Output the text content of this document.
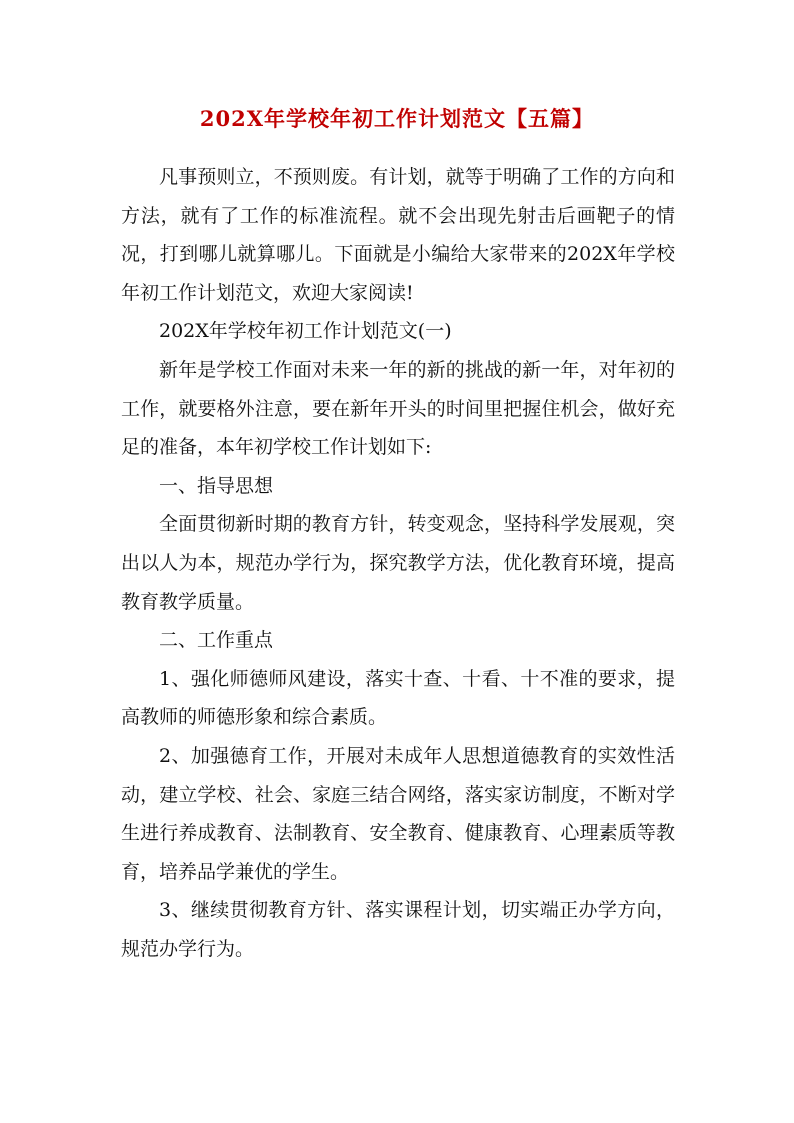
202X年学校年初工作计划范文【五篇】

凡事预则立，不预则废。有计划，就等于明确了工作的方向和方法，就有了工作的标准流程。就不会出现先射击后画靶子的情况，打到哪儿就算哪儿。下面就是小编给大家带来的202X年学校年初工作计划范文，欢迎大家阅读!

202X年学校年初工作计划范文(一)

新年是学校工作面对未来一年的新的挑战的新一年，对年初的工作，就要格外注意，要在新年开头的时间里把握住机会，做好充足的准备，本年初学校工作计划如下:

一、指导思想

全面贯彻新时期的教育方针，转变观念，坚持科学发展观，突出以人为本，规范办学行为，探究教学方法，优化教育环境，提高教育教学质量。

二、工作重点

1、强化师德师风建设，落实十查、十看、十不准的要求，提高教师的师德形象和综合素质。

2、加强德育工作，开展对未成年人思想道德教育的实效性活动，建立学校、社会、家庭三结合网络，落实家访制度，不断对学生进行养成教育、法制教育、安全教育、健康教育、心理素质等教育，培养品学兼优的学生。

3、继续贯彻教育方针、落实课程计划，切实端正办学方向，规范办学行为。
